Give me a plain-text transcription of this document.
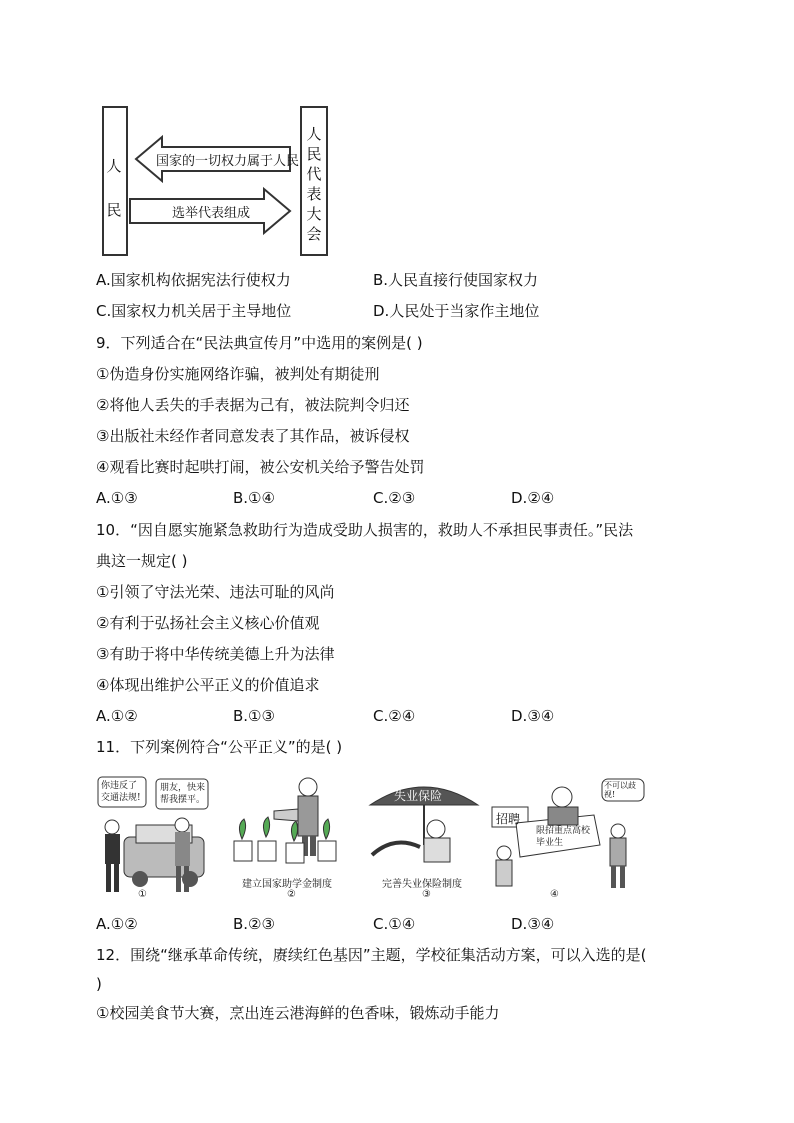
人民
人民代表大会
国家的一切权力属于人民
选举代表组成
A.国家机构依据宪法行使权力	B.人民直接行使国家权力
C.国家权力机关居于主导地位	D.人民处于当家作主地位
9．下列适合在“民法典宣传月”中选用的案例是( )
①伪造身份实施网络诈骗，被判处有期徒刑
②将他人丢失的手表据为己有，被法院判令归还
③出版社未经作者同意发表了其作品，被诉侵权
④观看比赛时起哄打闹，被公安机关给予警告处罚
A.①③	B.①④	C.②③	D.②④
10．“因自愿实施紧急救助行为造成受助人损害的，救助人不承担民事责任。”民法
典这一规定( )
①引领了守法光荣、违法可耻的风尚
②有利于弘扬社会主义核心价值观
③有助于将中华传统美德上升为法律
④体现出维护公平正义的价值追求
A.①②	B.①③	C.②④	D.③④
11．下列案例符合“公平正义”的是( )
你违反了交通法规!
朋友，快来帮我摆平。
①
建立国家助学金制度
②
失业保险
完善失业保险制度
③
招聘
限招重点高校毕业生
不可以歧视!
④
A.①②	B.②③	C.①④	D.③④
12．围绕“继承革命传统，赓续红色基因”主题，学校征集活动方案，可以入选的是(
)
①校园美食节大赛，烹出连云港海鲜的色香味，锻炼动手能力
